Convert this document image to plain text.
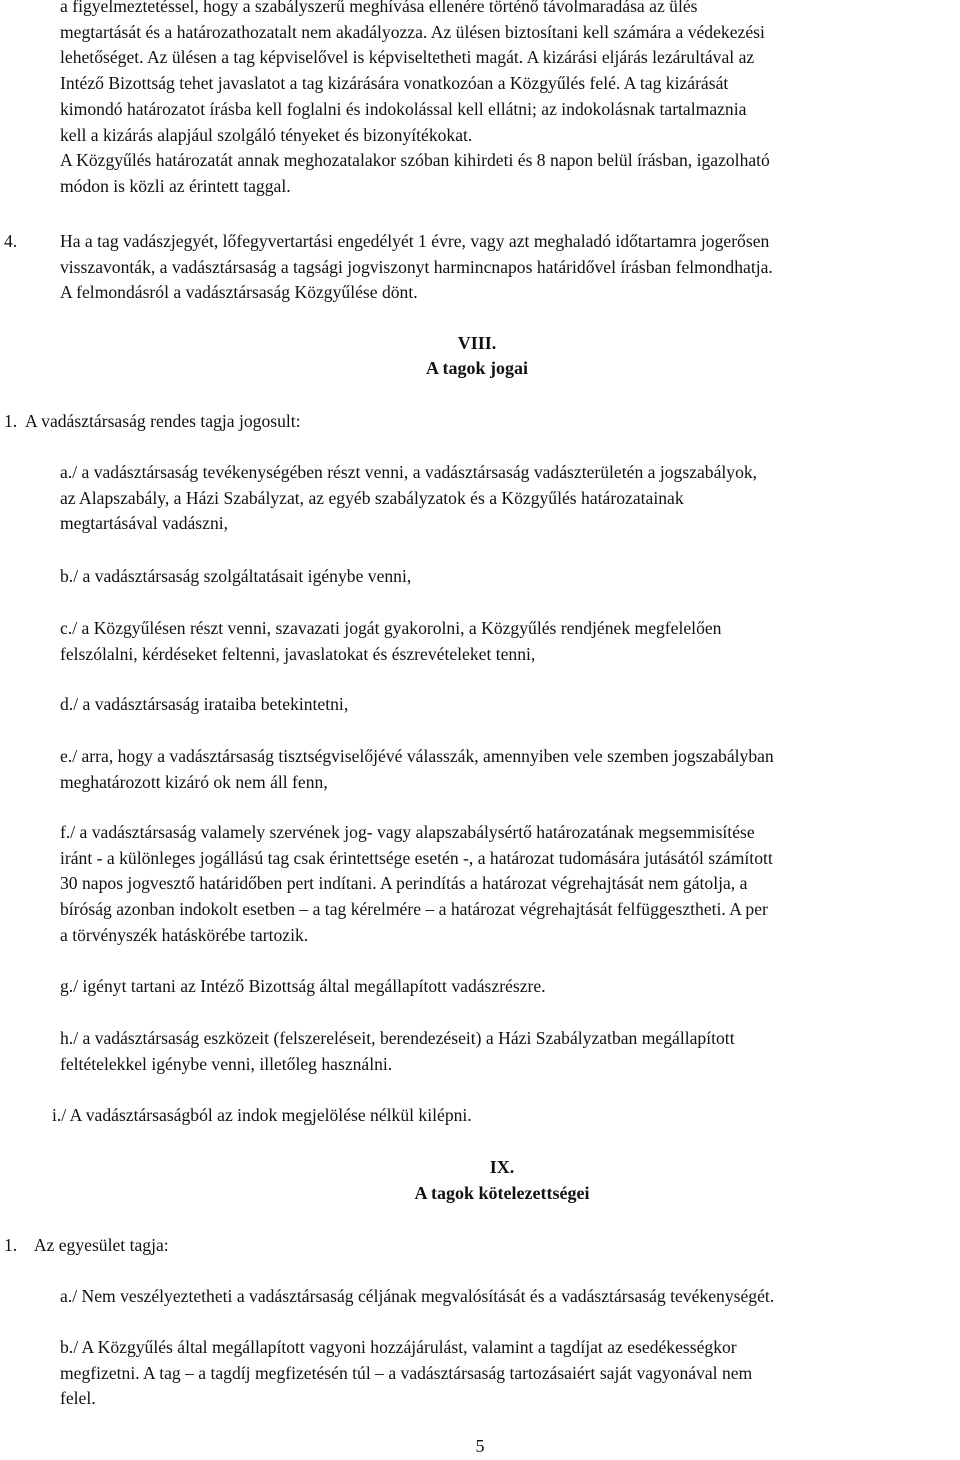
a figyelmeztetéssel, hogy a szabályszerű meghívása ellenére történő távolmaradása az ülés
megtartását és a határozathozatalt nem akadályozza. Az ülésen biztosítani kell számára a védekezési
lehetőséget. Az ülésen a tag képviselővel is képviseltetheti magát. A kizárási eljárás lezárultával az
Intéző Bizottság tehet javaslatot a tag kizárására vonatkozóan a Közgyűlés felé. A tag kizárását
kimondó határozatot írásba kell foglalni és indokolással kell ellátni; az indokolásnak tartalmaznia
kell a kizárás alapjául szolgáló tényeket és bizonyítékokat.
A Közgyűlés határozatát annak meghozatalakor szóban kihirdeti és 8 napon belül írásban, igazolható
módon is közli az érintett taggal.
4. Ha a tag vadászjegyét, lőfegyvertartási engedélyét 1 évre, vagy azt meghaladó időtartamra jogerősen
visszavonták, a vadásztársaság a tagsági jogviszonyt harmincnapos határidővel írásban felmondhatja.
A felmondásról a vadásztársaság Közgyűlése dönt.
VIII.
A tagok jogai
1.  A vadásztársaság rendes tagja jogosult:
a./ a vadásztársaság tevékenységében részt venni, a vadásztársaság vadászterületén a jogszabályok,
az Alapszabály, a Házi Szabályzat, az egyéb szabályzatok és a Közgyűlés határozatainak
megtartásával vadászni,
b./ a vadásztársaság szolgáltatásait igénybe venni,
c./ a Közgyűlésen részt venni, szavazati jogát gyakorolni, a Közgyűlés rendjének megfelelően
felszólalni, kérdéseket feltenni, javaslatokat és észrevételeket tenni,
d./ a vadásztársaság irataiba betekintetni,
e./ arra, hogy a vadásztársaság tisztségviselőjévé válasszák, amennyiben vele szemben jogszabályban
meghatározott kizáró ok nem áll fenn,
f./ a vadásztársaság valamely szervének jog- vagy alapszabálysértő határozatának megsemmisítése
iránt - a különleges jogállású tag csak érintettsége esetén -, a határozat tudomására jutásától számított
30 napos jogvesztő határidőben pert indítani. A perindítás a határozat végrehajtását nem gátolja, a
bíróság azonban indokolt esetben – a tag kérelmére – a határozat végrehajtását felfüggesztheti. A per
a törvényszék hatáskörébe tartozik.
g./ igényt tartani az Intéző Bizottság által megállapított vadászrészre.
h./ a vadásztársaság eszközeit (felszereléseit, berendezéseit) a Házi Szabályzatban megállapított
feltételekkel igénybe venni, illetőleg használni.
i./ A vadásztársaságból az indok megjelölése nélkül kilépni.
IX.
A tagok kötelezettségei
1.    Az egyesület tagja:
a./ Nem veszélyeztetheti a vadásztársaság céljának megvalósítását és a vadásztársaság tevékenységét.
b./ A Közgyűlés által megállapított vagyoni hozzájárulást, valamint a tagdíjat az esedékességkor
megfizetni. A tag – a tagdíj megfizetésén túl – a vadásztársaság tartozásaiért saját vagyonával nem
felel.
5
